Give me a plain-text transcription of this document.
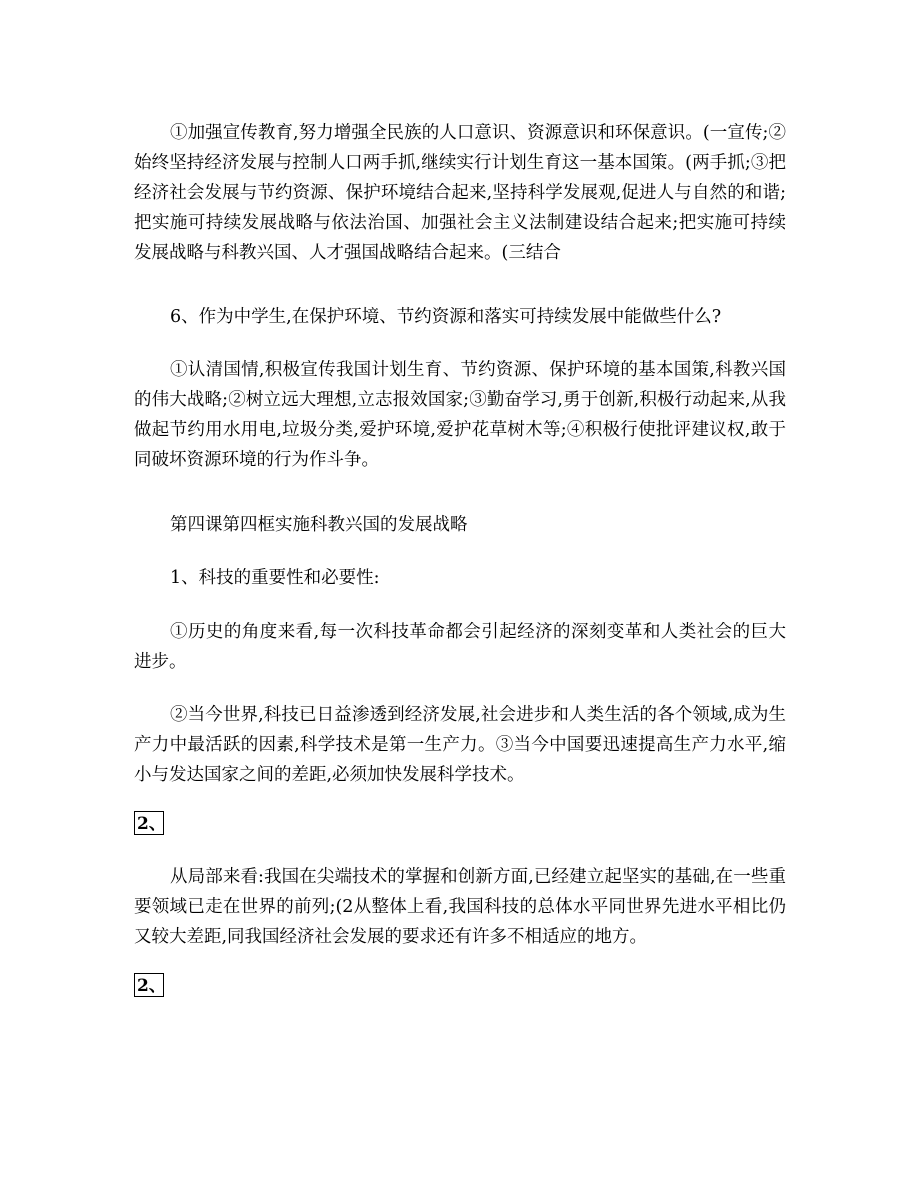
①加强宣传教育,努力增强全民族的人口意识、资源意识和环保意识。(一宣传;②始终坚持经济发展与控制人口两手抓,继续实行计划生育这一基本国策。(两手抓;③把经济社会发展与节约资源、保护环境结合起来,坚持科学发展观,促进人与自然的和谐;把实施可持续发展战略与依法治国、加强社会主义法制建设结合起来;把实施可持续发展战略与科教兴国、人才强国战略结合起来。(三结合

6、作为中学生,在保护环境、节约资源和落实可持续发展中能做些什么?

①认清国情,积极宣传我国计划生育、节约资源、保护环境的基本国策,科教兴国的伟大战略;②树立远大理想,立志报效国家;③勤奋学习,勇于创新,积极行动起来,从我做起节约用水用电,垃圾分类,爱护环境,爱护花草树木等;④积极行使批评建议权,敢于同破坏资源环境的行为作斗争。

第四课第四框实施科教兴国的发展战略

1、科技的重要性和必要性:

①历史的角度来看,每一次科技革命都会引起经济的深刻变革和人类社会的巨大进步。

②当今世界,科技已日益渗透到经济发展,社会进步和人类生活的各个领域,成为生产力中最活跃的因素,科学技术是第一生产力。③当今中国要迅速提高生产力水平,缩小与发达国家之间的差距,必须加快发展科学技术。

2、

从局部来看:我国在尖端技术的掌握和创新方面,已经建立起坚实的基础,在一些重要领域已走在世界的前列;(2从整体上看,我国科技的总体水平同世界先进水平相比仍又较大差距,同我国经济社会发展的要求还有许多不相适应的地方。

2、
